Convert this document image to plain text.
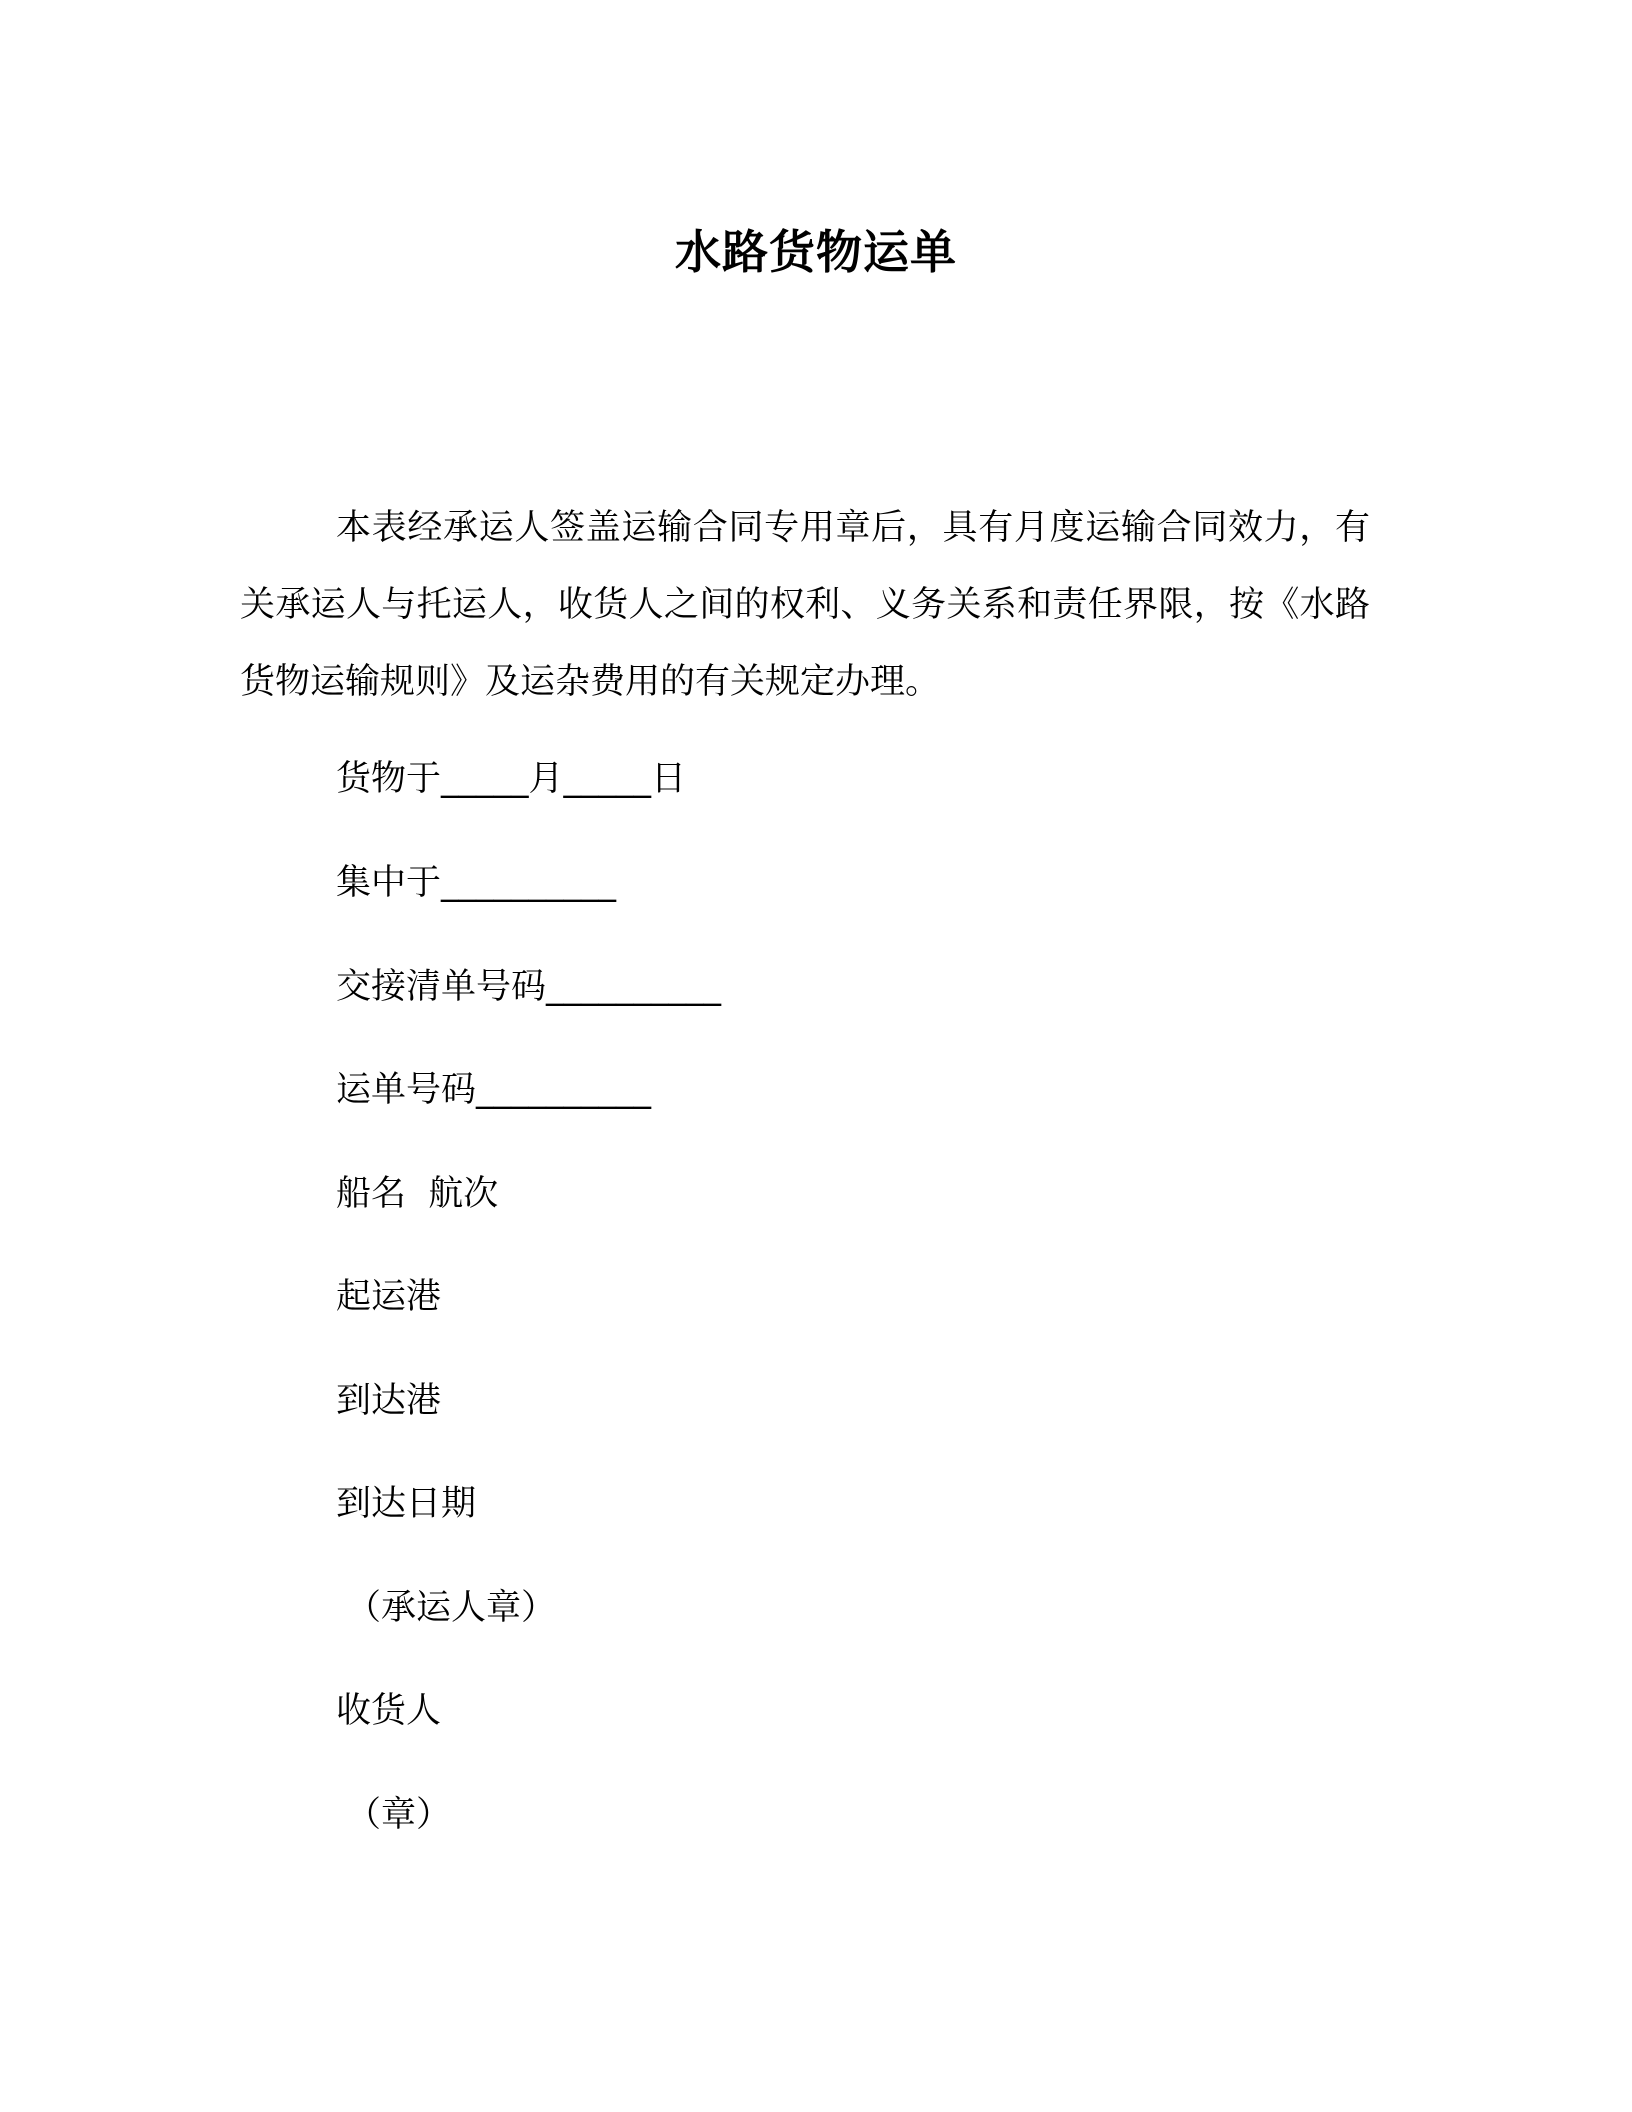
水路货物运单

本表经承运人签盖运输合同专用章后，具有月度运输合同效力，有关承运人与托运人，收货人之间的权利、义务关系和责任界限，按《水路货物运输规则》及运杂费用的有关规定办理。

货物于_____月_____日
集中于__________
交接清单号码__________
运单号码__________
船名  航次
起运港
到达港
到达日期
（承运人章）
收货人
（章）
